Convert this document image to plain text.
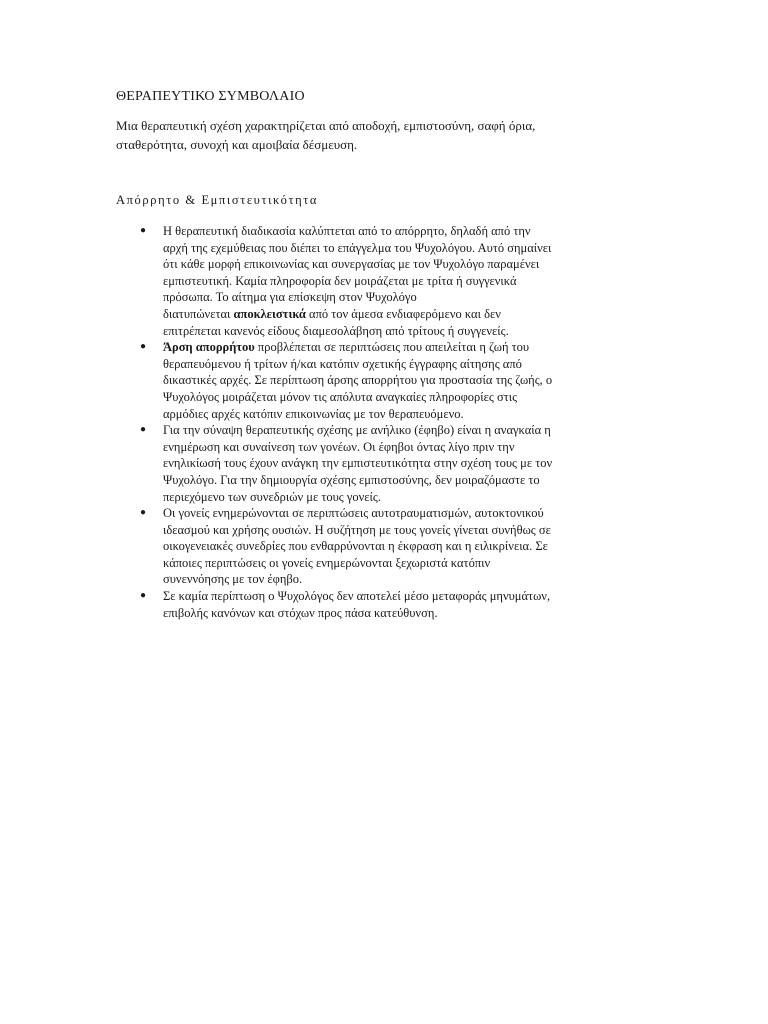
ΘΕΡΑΠΕΥΤΙΚΟ ΣΥΜΒΟΛΑΙΟ

Μια θεραπευτική σχέση χαρακτηρίζεται από αποδοχή, εμπιστοσύνη, σαφή όρια,
σταθερότητα, συνοχή και αμοιβαία δέσμευση.

Απόρρητο & Εμπιστευτικότητα
● Η θεραπευτική διαδικασία καλύπτεται από το απόρρητο, δηλαδή από την
αρχή της εχεμύθειας που διέπει το επάγγελμα του Ψυχολόγου. Αυτό σημαίνει
ότι κάθε μορφή επικοινωνίας και συνεργασίας με τον Ψυχολόγο παραμένει
εμπιστευτική. Καμία πληροφορία δεν μοιράζεται με τρίτα ή συγγενικά
πρόσωπα. Το αίτημα για επίσκεψη στον Ψυχολόγο
διατυπώνεται αποκλειστικά από τον άμεσα ενδιαφερόμενο και δεν
επιτρέπεται κανενός είδους διαμεσολάβηση από τρίτους ή συγγενείς.
● Άρση απορρήτου προβλέπεται σε περιπτώσεις που απειλείται η ζωή του
θεραπευόμενου ή τρίτων ή/και κατόπιν σχετικής έγγραφης αίτησης από
δικαστικές αρχές. Σε περίπτωση άρσης απορρήτου για προστασία της ζωής, ο
Ψυχολόγος μοιράζεται μόνον τις απόλυτα αναγκαίες πληροφορίες στις
αρμόδιες αρχές κατόπιν επικοινωνίας με τον θεραπευόμενο.
● Για την σύναψη θεραπευτικής σχέσης με ανήλικο (έφηβο) είναι η αναγκαία η
ενημέρωση και συναίνεση των γονέων. Οι έφηβοι όντας λίγο πριν την
ενηλικίωσή τους έχουν ανάγκη την εμπιστευτικότητα στην σχέση τους με τον
Ψυχολόγο. Για την δημιουργία σχέσης εμπιστοσύνης, δεν μοιραζόμαστε το
περιεχόμενο των συνεδριών με τους γονείς.
● Οι γονείς ενημερώνονται σε περιπτώσεις αυτοτραυματισμών, αυτοκτονικού
ιδεασμού και χρήσης ουσιών. Η συζήτηση με τους γονείς γίνεται συνήθως σε
οικογενειακές συνεδρίες που ενθαρρύνονται η έκφραση και η ειλικρίνεια. Σε
κάποιες περιπτώσεις οι γονείς ενημερώνονται ξεχωριστά κατόπιν
συνεννόησης με τον έφηβο.
● Σε καμία περίπτωση ο Ψυχολόγος δεν αποτελεί μέσο μεταφοράς μηνυμάτων,
επιβολής κανόνων και στόχων προς πάσα κατεύθυνση.
